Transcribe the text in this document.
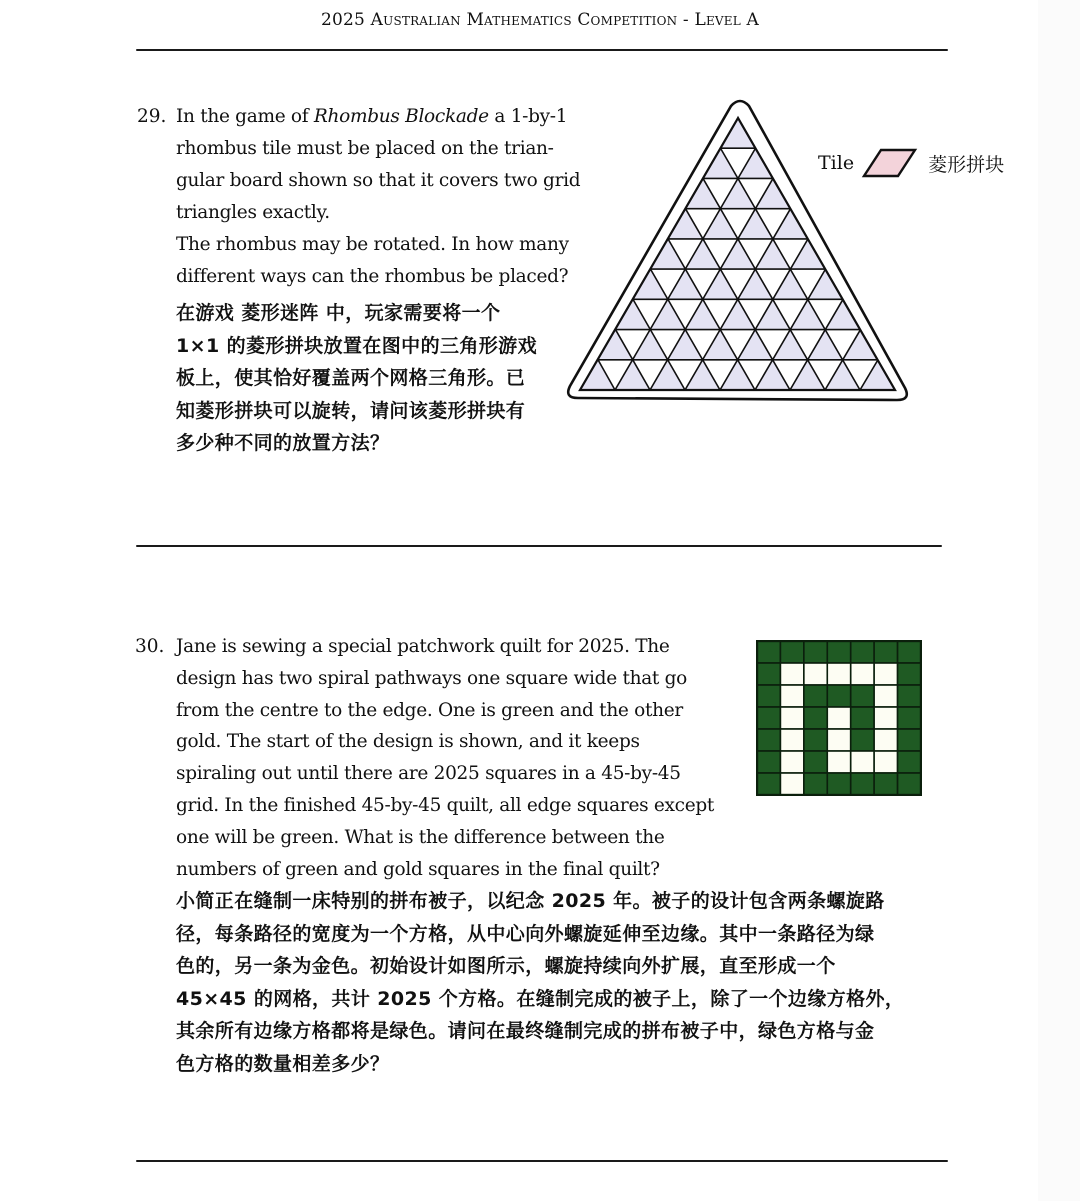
2025 Australian Mathematics Competition - Level A
29. In the game of Rhombus Blockade a 1-by-1
rhombus tile must be placed on the trian-
gular board shown so that it covers two grid
triangles exactly.
The rhombus may be rotated. In how many
different ways can the rhombus be placed?
在游戏 菱形迷阵 中，玩家需要将一个
1×1 的菱形拼块放置在图中的三角形游戏
板上，使其恰好覆盖两个网格三角形。已
知菱形拼块可以旋转，请问该菱形拼块有
多少种不同的放置方法？
Tile	菱形拼块
30. Jane is sewing a special patchwork quilt for 2025. The
design has two spiral pathways one square wide that go
from the centre to the edge. One is green and the other
gold. The start of the design is shown, and it keeps
spiraling out until there are 2025 squares in a 45-by-45
grid. In the finished 45-by-45 quilt, all edge squares except
one will be green. What is the difference between the
numbers of green and gold squares in the final quilt?
小简正在缝制一床特别的拼布被子，以纪念 2025 年。被子的设计包含两条螺旋路
径，每条路径的宽度为一个方格，从中心向外螺旋延伸至边缘。其中一条路径为绿
色的，另一条为金色。初始设计如图所示，螺旋持续向外扩展，直至形成一个
45×45 的网格，共计 2025 个方格。在缝制完成的被子上，除了一个边缘方格外，
其余所有边缘方格都将是绿色。请问在最终缝制完成的拼布被子中，绿色方格与金
色方格的数量相差多少？
